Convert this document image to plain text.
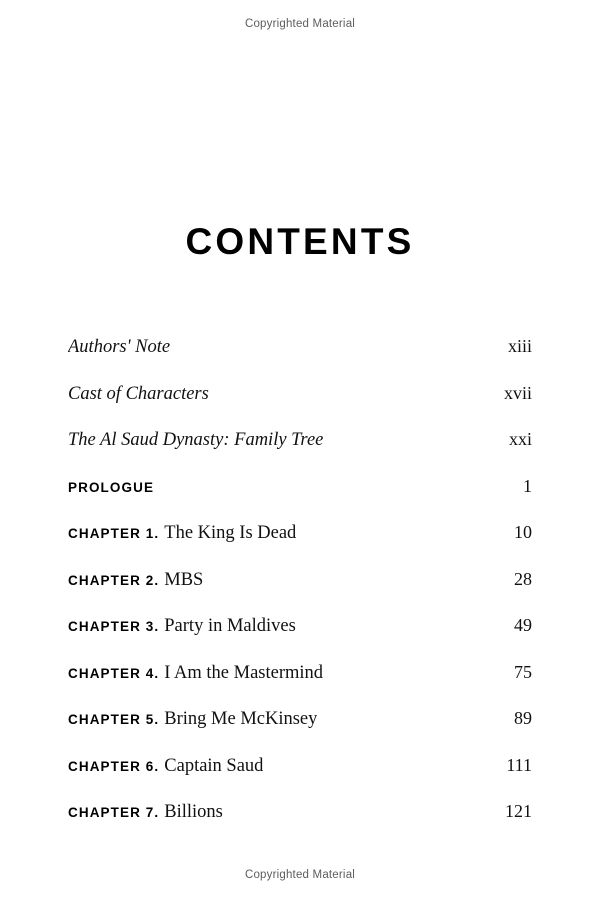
Copyrighted Material
CONTENTS
Authors' Note	xiii
Cast of Characters	xvii
The Al Saud Dynasty: Family Tree	xxi
PROLOGUE	1
CHAPTER 1. The King Is Dead	10
CHAPTER 2. MBS	28
CHAPTER 3. Party in Maldives	49
CHAPTER 4. I Am the Mastermind	75
CHAPTER 5. Bring Me McKinsey	89
CHAPTER 6. Captain Saud	111
CHAPTER 7. Billions	121
Copyrighted Material
